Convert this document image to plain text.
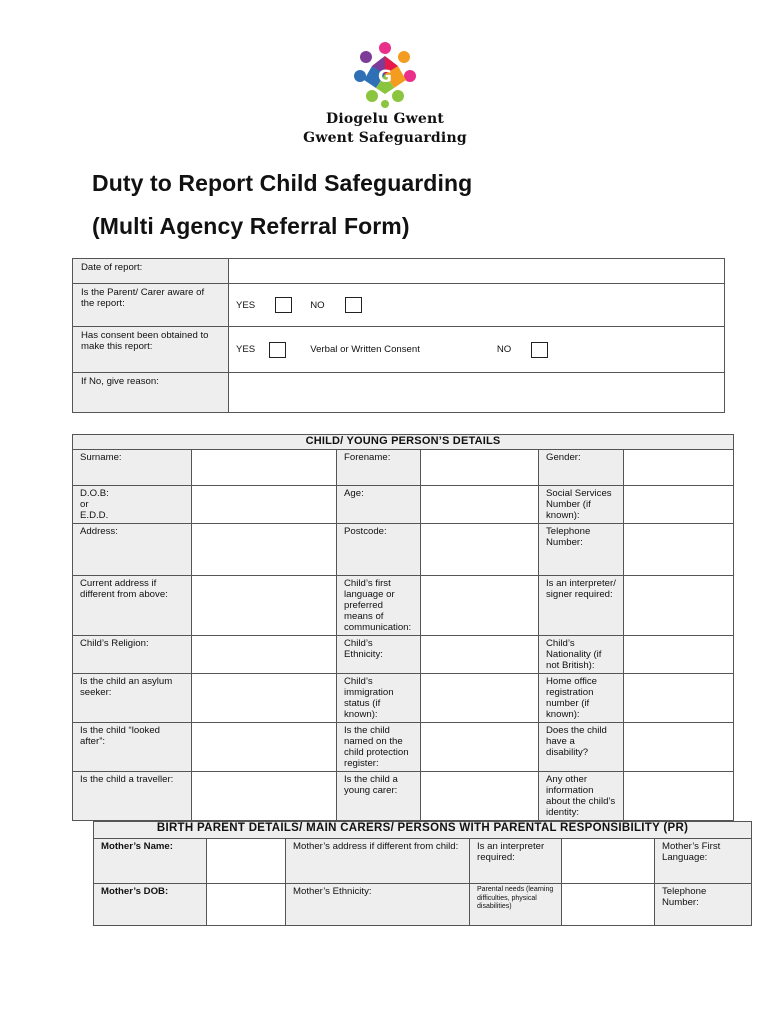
G
Diogelu Gwent
Gwent Safeguarding
Duty to Report Child Safeguarding
(Multi Agency Referral Form)
Date of report:	
Is the Parent/ Carer aware of the report:	YES NO

Has consent been obtained to make this report:	YES Verbal or Written Consent NO

If No, give reason:	
CHILD/ YOUNG PERSON’S DETAILS					
Surname:		Forename:		Gender:	
D.O.B:
or
E.D.D.		Age:		Social Services Number (if known):	
Address:		Postcode:		Telephone Number:	
Current address if different from above:		Child’s first language or preferred means of communication:		Is an interpreter/ signer required:	
Child’s Religion:		Child’s Ethnicity:		Child’s Nationality (if not British):	
Is the child an asylum seeker:		Child’s immigration status (if known):		Home office registration number (if known):	
Is the child “looked after”:		Is the child named on the child protection register:		Does the child have a disability?	
Is the child a traveller:		Is the child a young carer:		Any other information about the child’s identity:	
BIRTH PARENT DETAILS/ MAIN CARERS/ PERSONS WITH PARENTAL RESPONSIBILITY (PR)					
Mother’s Name:		Mother’s address if different from child:	Is an interpreter required:		Mother’s First Language:
Mother’s DOB:		Mother’s Ethnicity:	Parental needs (learning difficulties, physical disabilities)		Telephone Number:
